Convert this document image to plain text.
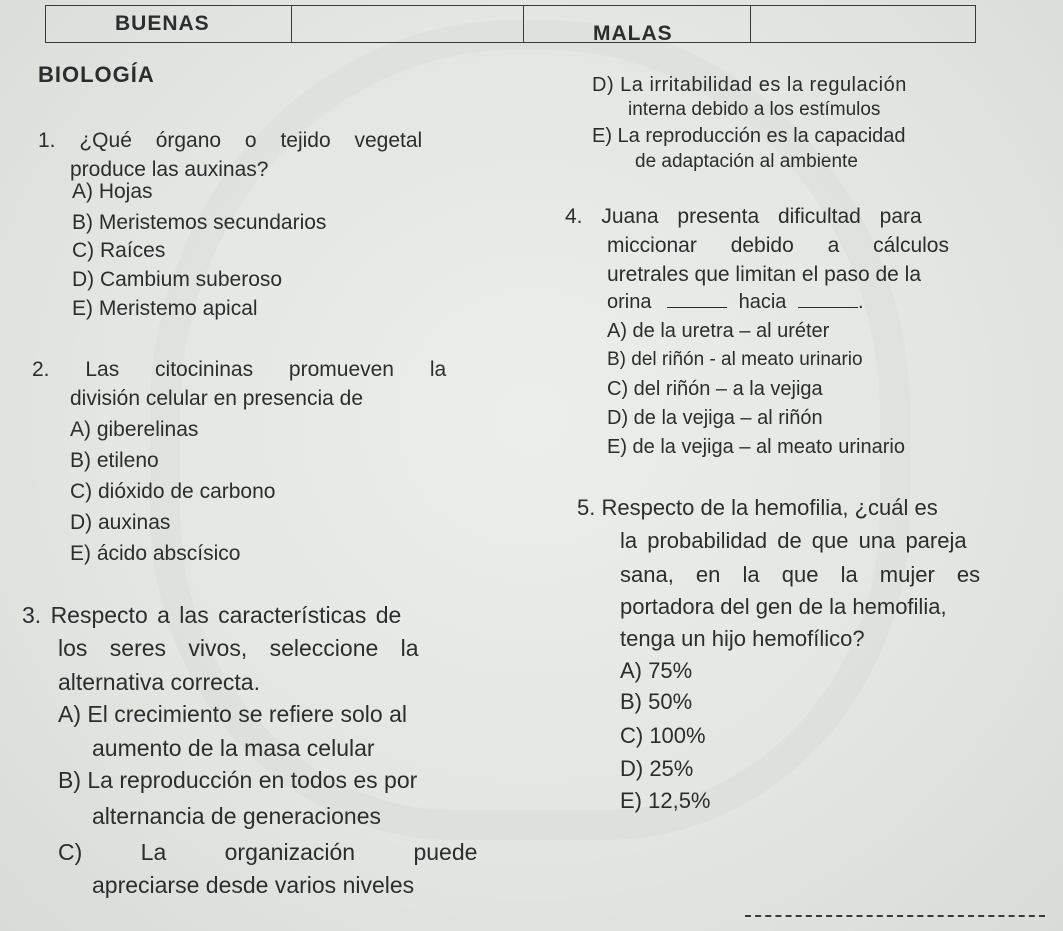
BUENAS	MALAS
BIOLOGÍA
1. ¿Qué órgano o tejido vegetal
produce las auxinas?
A) Hojas
B) Meristemos secundarios
C) Raíces
D) Cambium suberoso
E) Meristemo apical
2. Las citocininas promueven la
división celular en presencia de
A) giberelinas
B) etileno
C) dióxido de carbono
D) auxinas
E) ácido abscísico
3. Respecto a las características de
los seres vivos, seleccione la
alternativa correcta.
A) El crecimiento se refiere solo al
aumento de la masa celular
B) La reproducción en todos es por
alternancia de generaciones
C) La organización puede
apreciarse desde varios niveles
D) La irritabilidad es la regulación
interna debido a los estímulos
E) La reproducción es la capacidad
de adaptación al ambiente
4. Juana presenta dificultad para
miccionar debido a cálculos
uretrales que limitan el paso de la
orina	hacia	.
A) de la uretra – al uréter
B) del riñón - al meato urinario
C) del riñón – a la vejiga
D) de la vejiga – al riñón
E) de la vejiga – al meato urinario
5. Respecto de la hemofilia, ¿cuál es
la probabilidad de que una pareja
sana, en la que la mujer es
portadora del gen de la hemofilia,
tenga un hijo hemofílico?
A) 75%
B) 50%
C) 100%
D) 25%
E) 12,5%
